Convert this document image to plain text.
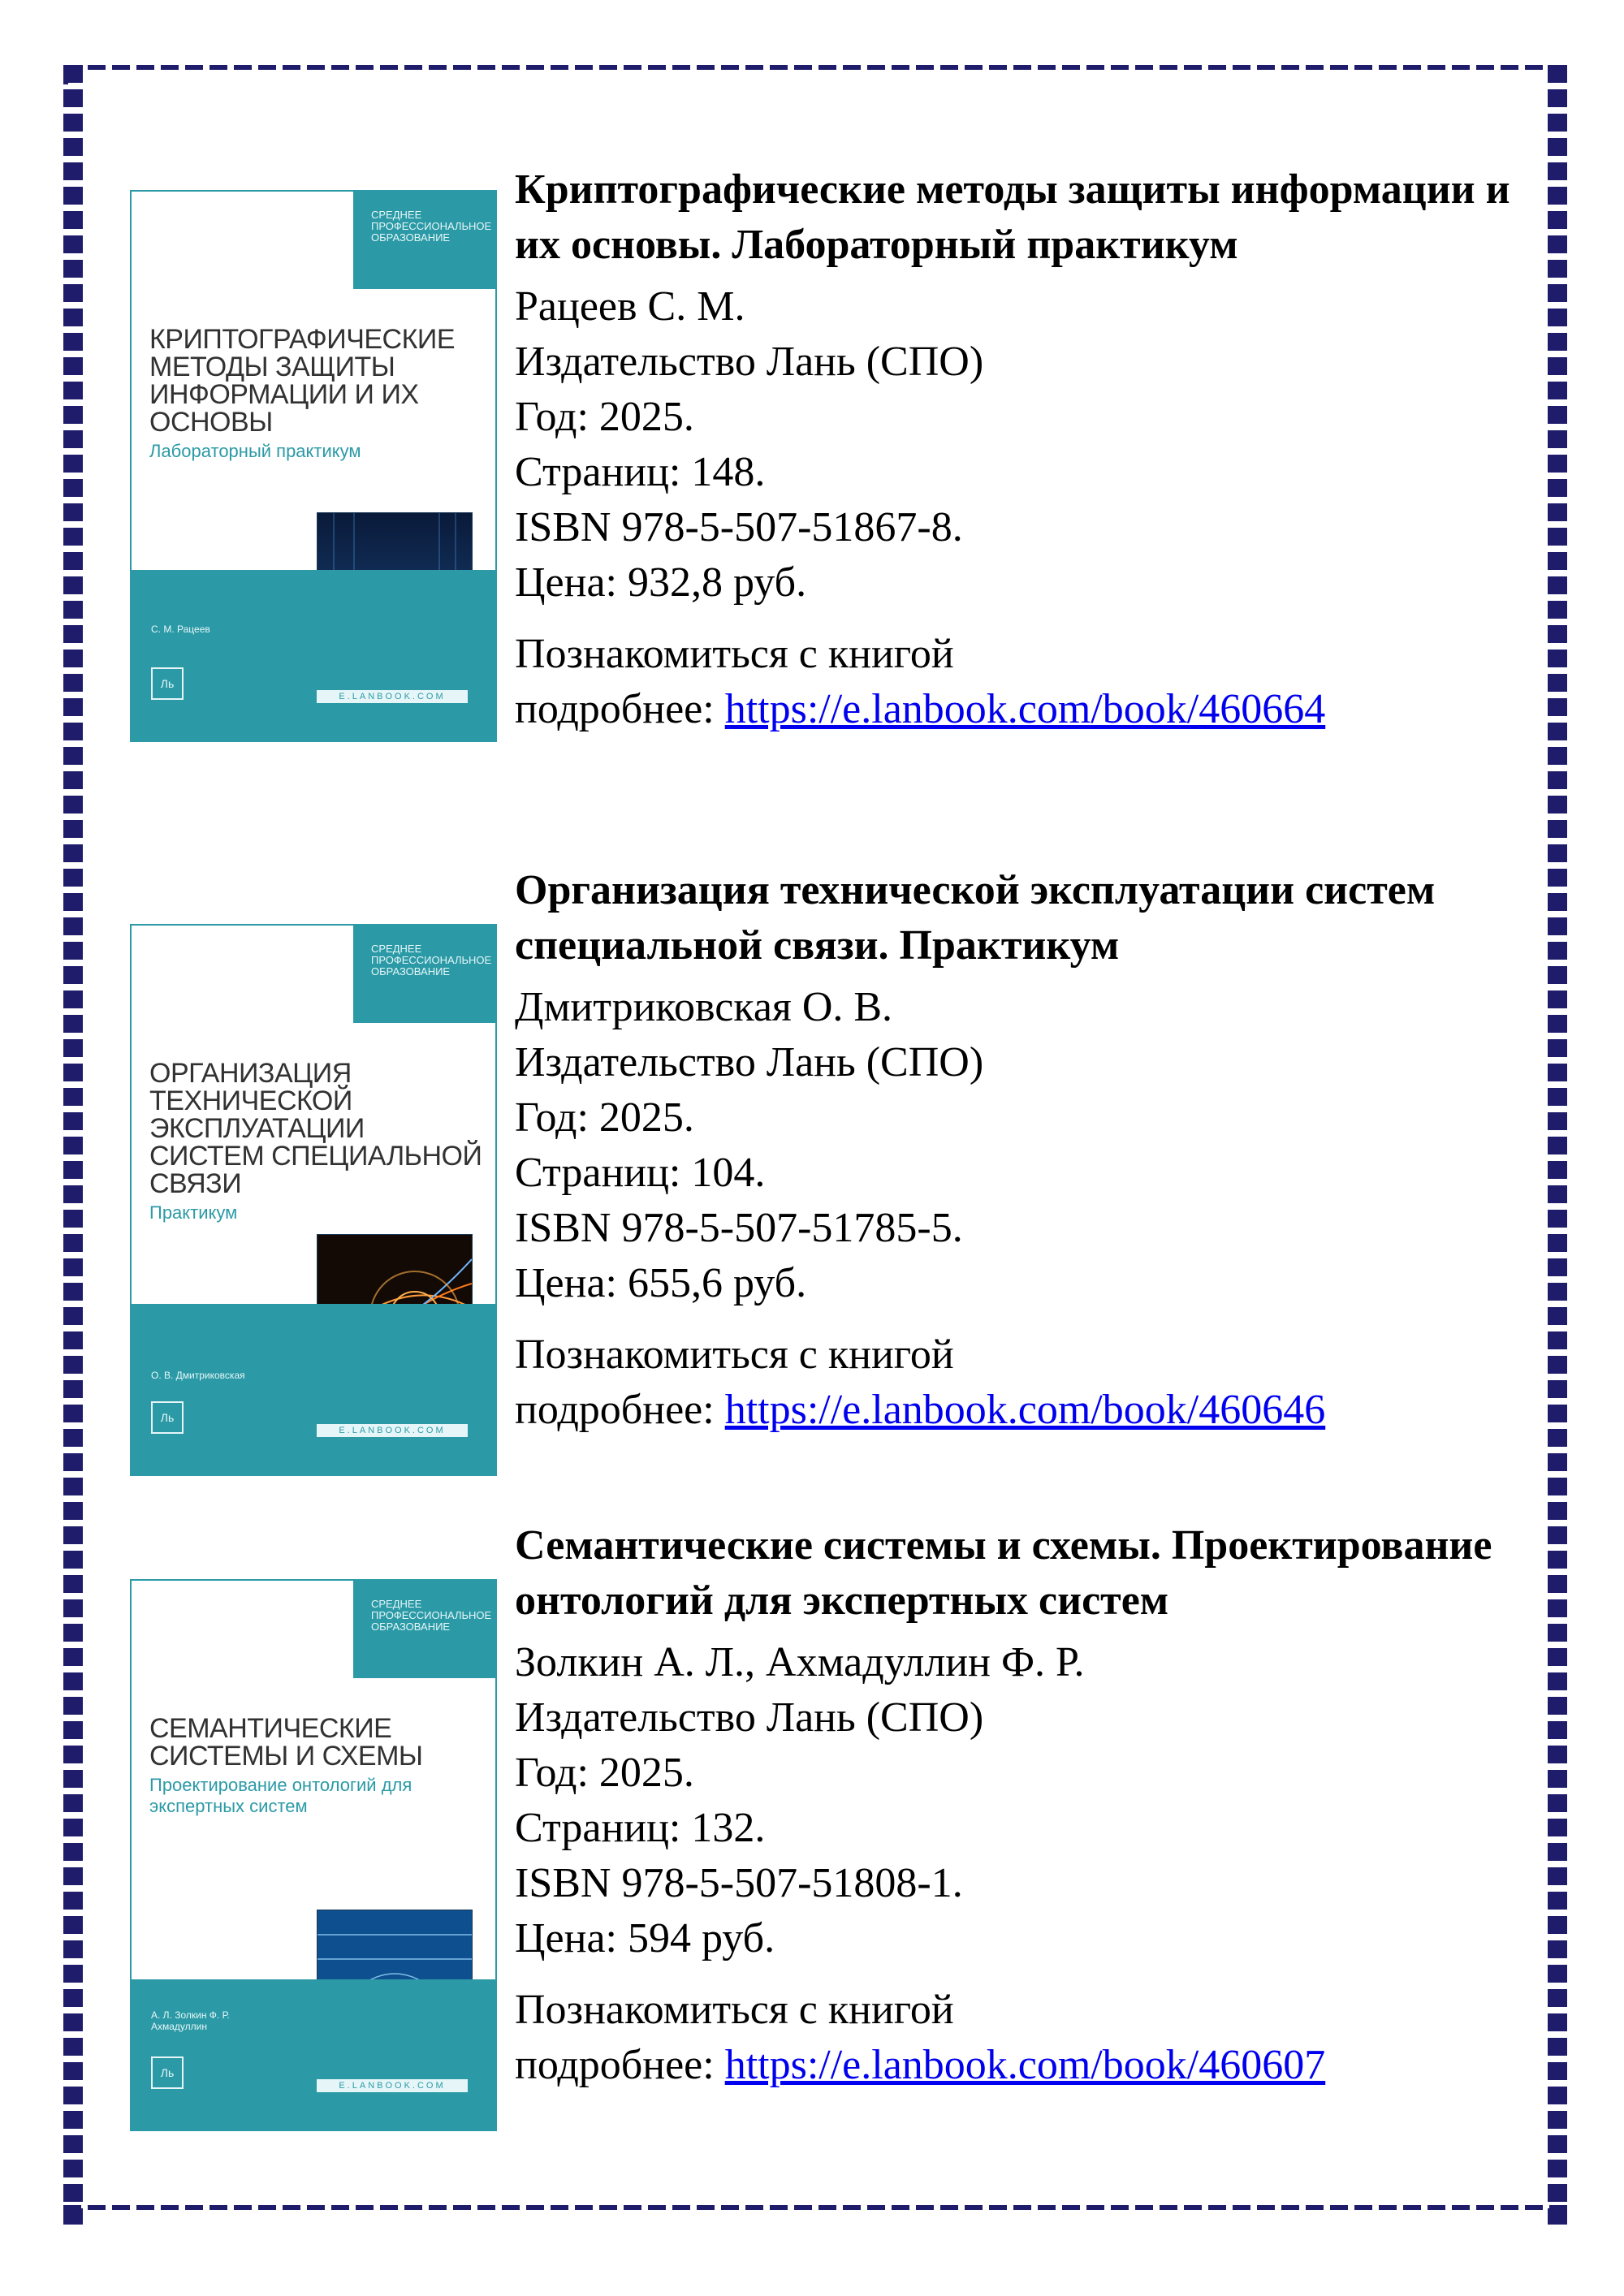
СРЕДНЕЕ ПРОФЕССИОНАЛЬНОЕ ОБРАЗОВАНИЕ
КРИПТОГРАФИЧЕСКИЕ МЕТОДЫ ЗАЩИТЫ ИНФОРМАЦИИ И ИХ ОСНОВЫ
Лабораторный практикум
С. М. Рацеев
Ль
E.LANBOOK.COM
Криптографические методы защиты информации и их основы. Лабораторный практикум
Рацеев С. М.
Издательство Лань (СПО)
Год: 2025.
Страниц: 148.
ISBN 978-5-507-51867-8.
Цена: 932,8 руб.
Познакомиться с книгой
подробнее: https://e.lanbook.com/book/460664
СРЕДНЕЕ ПРОФЕССИОНАЛЬНОЕ ОБРАЗОВАНИЕ
ОРГАНИЗАЦИЯ ТЕХНИЧЕСКОЙ ЭКСПЛУАТАЦИИ СИСТЕМ СПЕЦИАЛЬНОЙ СВЯЗИ
Практикум
О. В. Дмитриковская
Ль
E.LANBOOK.COM
Организация технической эксплуатации систем специальной связи. Практикум
Дмитриковская О. В.
Издательство Лань (СПО)
Год: 2025.
Страниц: 104.
ISBN 978-5-507-51785-5.
Цена: 655,6 руб.
Познакомиться с книгой
подробнее: https://e.lanbook.com/book/460646
СРЕДНЕЕ ПРОФЕССИОНАЛЬНОЕ ОБРАЗОВАНИЕ
СЕМАНТИЧЕСКИЕ СИСТЕМЫ И СХЕМЫ
Проектирование онтологий для экспертных систем
А. Л. Золкин Ф. Р. Ахмадуллин
Ль
E.LANBOOK.COM
Семантические системы и схемы. Проектирование онтологий для экспертных систем
Золкин А. Л., Ахмадуллин Ф. Р.
Издательство Лань (СПО)
Год: 2025.
Страниц: 132.
ISBN 978-5-507-51808-1.
Цена: 594 руб.
Познакомиться с книгой
подробнее: https://e.lanbook.com/book/460607
